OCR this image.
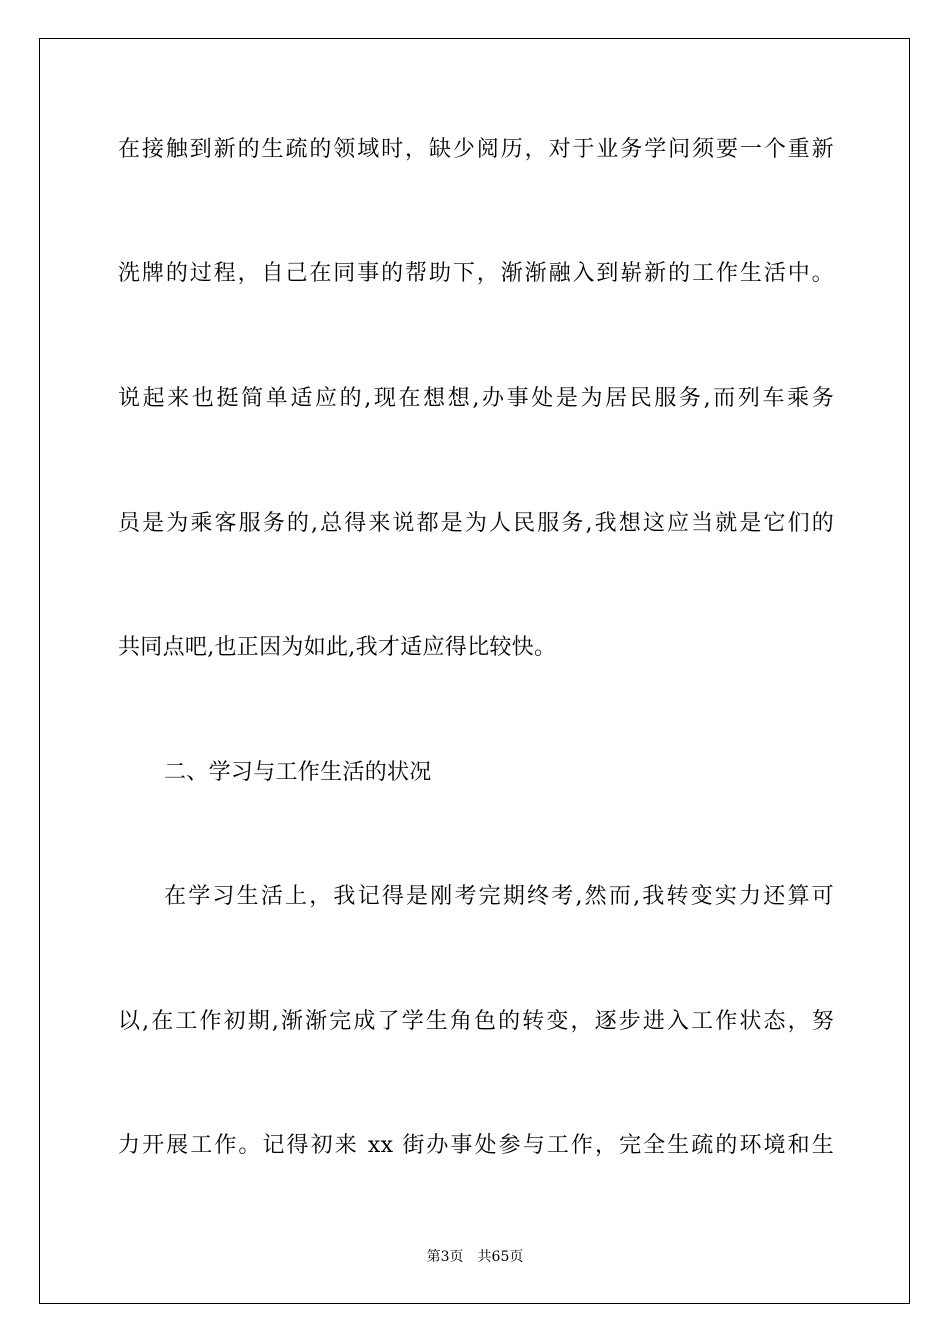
在接触到新的生疏的领域时，缺少阅历，对于业务学问须要一个重新
洗牌的过程，自己在同事的帮助下，渐渐融入到崭新的工作生活中。
说起来也挺简单适应的,现在想想,办事处是为居民服务,而列车乘务
员是为乘客服务的,总得来说都是为人民服务,我想这应当就是它们的
共同点吧,也正因为如此,我才适应得比较快。
二、学习与工作生活的状况
在学习生活上，我记得是刚考完期终考,然而,我转变实力还算可
以,在工作初期,渐渐完成了学生角色的转变，逐步进入工作状态，努
力开展工作。记得初来 xx 街办事处参与工作，完全生疏的环境和生
第3页 共65页
